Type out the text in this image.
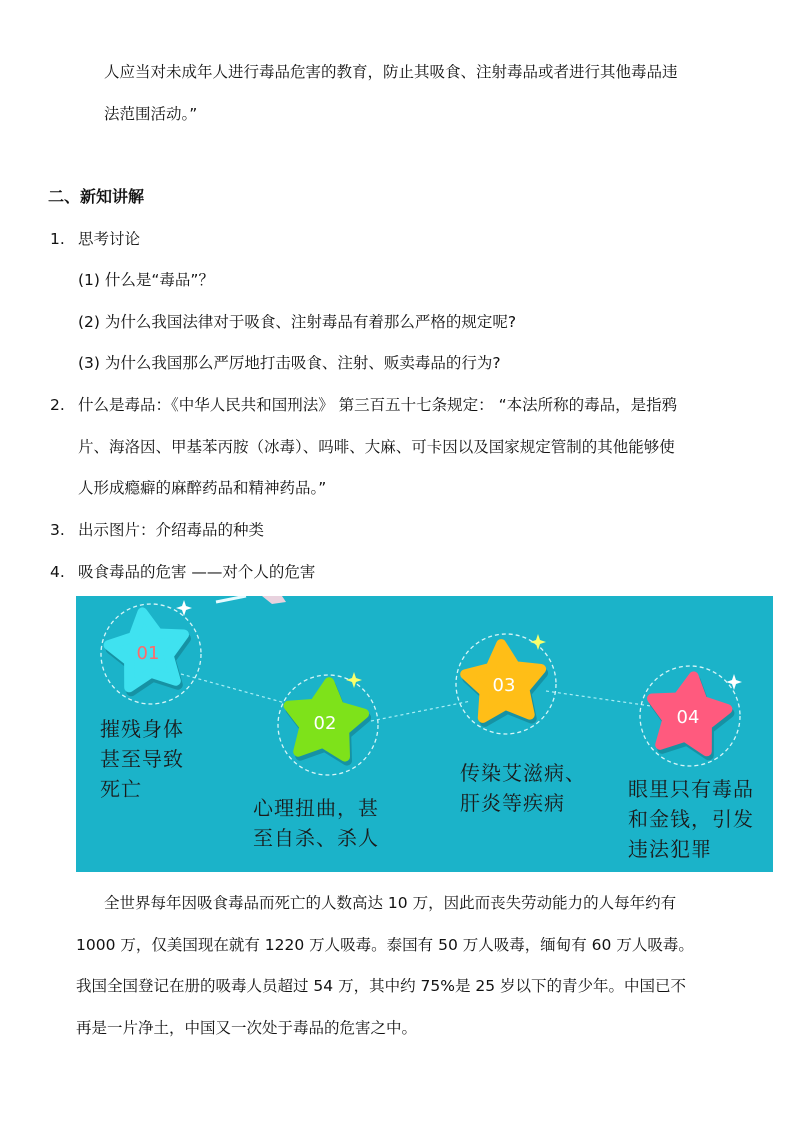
人应当对未成年人进行毒品危害的教育，防止其吸食、注射毒品或者进行其他毒品违
法范围活动。”
二、新知讲解
1. 思考讨论
(1) 什么是“毒品”？
(2) 为什么我国法律对于吸食、注射毒品有着那么严格的规定呢?
(3) 为什么我国那么严厉地打击吸食、注射、贩卖毒品的行为?
2. 什么是毒品：《中华人民共和国刑法》 第三百五十七条规定： “本法所称的毒品，是指鸦
片、海洛因、甲基苯丙胺（冰毒）、吗啡、大麻、可卡因以及国家规定管制的其他能够使
人形成瘾癖的麻醉药品和精神药品。”
3. 出示图片：介绍毒品的种类
4. 吸食毒品的危害 ——对个人的危害
01
02
03
04
摧残身体
甚至导致
死亡
心理扭曲，甚
至自杀、杀人
传染艾滋病、
肝炎等疾病
眼里只有毒品
和金钱，引发
违法犯罪
全世界每年因吸食毒品而死亡的人数高达 10 万，因此而丧失劳动能力的人每年约有
1000 万，仅美国现在就有 1220 万人吸毒。泰国有 50 万人吸毒，缅甸有 60 万人吸毒。
我国全国登记在册的吸毒人员超过 54 万，其中约 75%是 25 岁以下的青少年。中国已不
再是一片净土，中国又一次处于毒品的危害之中。
